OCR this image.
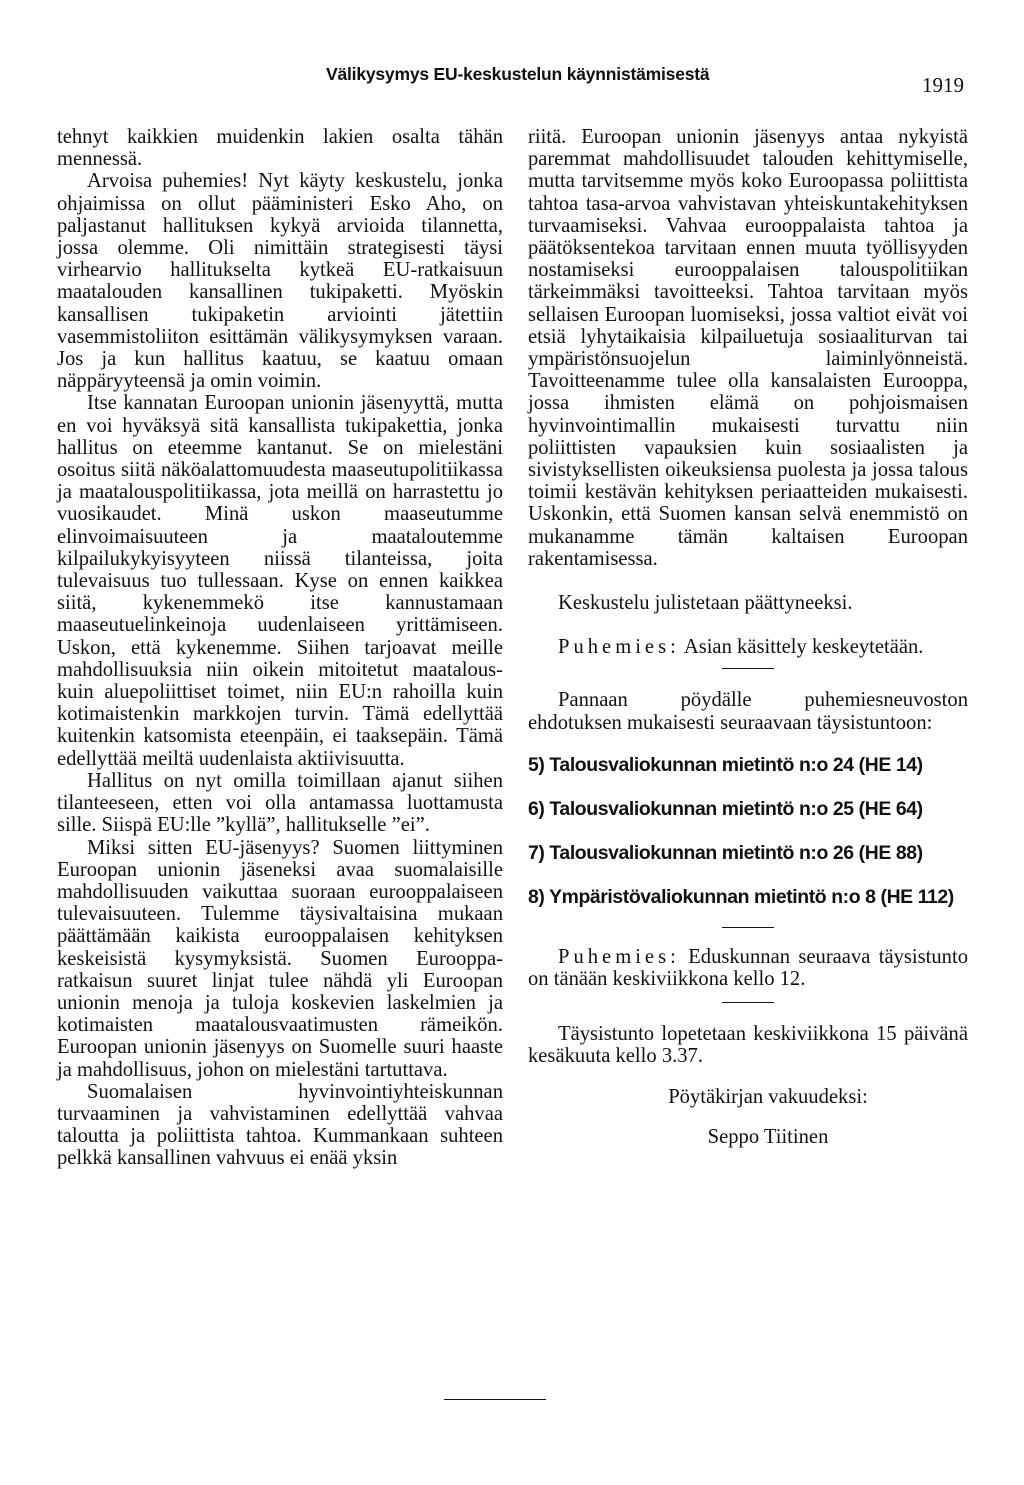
Välikysymys EU-keskustelun käynnistämisestä	1919

tehnyt kaikkien muidenkin lakien osalta tähän mennessä.

Arvoisa puhemies! Nyt käyty keskustelu, jonka ohjaimissa on ollut pääministeri Esko Aho, on paljastanut hallituksen kykyä arvioida tilannetta, jossa olemme. Oli nimittäin strategisesti täysi virhearvio hallitukselta kytkeä EU-ratkaisuun maatalouden kansallinen tukipaketti. Myöskin kansallisen tukipaketin arviointi jätettiin vasemmistoliiton esittämän välikysymyksen varaan. Jos ja kun hallitus kaatuu, se kaatuu omaan näppäryyteensä ja omin voimin.

Itse kannatan Euroopan unionin jäsenyyttä, mutta en voi hyväksyä sitä kansallista tukipakettia, jonka hallitus on eteemme kantanut. Se on mielestäni osoitus siitä näköalattomuudesta maaseutupolitiikassa ja maatalouspolitiikassa, jota meillä on harrastettu jo vuosikaudet. Minä uskon maaseutumme elinvoimaisuuteen ja maataloutemme kilpailukykyisyyteen niissä tilanteissa, joita tulevaisuus tuo tullessaan. Kyse on ennen kaikkea siitä, kykenemmekö itse kannustamaan maaseutuelinkeinoja uudenlaiseen yrittämiseen. Uskon, että kykenemme. Siihen tarjoavat meille mahdollisuuksia niin oikein mitoitetut maatalous- kuin aluepoliittiset toimet, niin EU:n rahoilla kuin kotimaistenkin markkojen turvin. Tämä edellyttää kuitenkin katsomista eteenpäin, ei taaksepäin. Tämä edellyttää meiltä uudenlaista aktiivisuutta.

Hallitus on nyt omilla toimillaan ajanut siihen tilanteeseen, etten voi olla antamassa luottamusta sille. Siispä EU:lle ”kyllä”, hallitukselle ”ei”.

Miksi sitten EU-jäsenyys? Suomen liittyminen Euroopan unionin jäseneksi avaa suomalaisille mahdollisuuden vaikuttaa suoraan eurooppalaiseen tulevaisuuteen. Tulemme täysivaltaisina mukaan päättämään kaikista eurooppalaisen kehityksen keskeisistä kysymyksistä. Suomen Eurooppa-ratkaisun suuret linjat tulee nähdä yli Euroopan unionin menoja ja tuloja koskevien laskelmien ja kotimaisten maatalousvaatimusten rämeikön. Euroopan unionin jäsenyys on Suomelle suuri haaste ja mahdollisuus, johon on mielestäni tartuttava.

Suomalaisen hyvinvointiyhteiskunnan turvaaminen ja vahvistaminen edellyttää vahvaa taloutta ja poliittista tahtoa. Kummankaan suhteen pelkkä kansallinen vahvuus ei enää yksin

riitä. Euroopan unionin jäsenyys antaa nykyistä paremmat mahdollisuudet talouden kehittymiselle, mutta tarvitsemme myös koko Euroopassa poliittista tahtoa tasa-arvoa vahvistavan yhteiskuntakehityksen turvaamiseksi. Vahvaa eurooppalaista tahtoa ja päätöksentekoa tarvitaan ennen muuta työllisyyden nostamiseksi eurooppalaisen talouspolitiikan tärkeimmäksi tavoitteeksi. Tahtoa tarvitaan myös sellaisen Euroopan luomiseksi, jossa valtiot eivät voi etsiä lyhytaikaisia kilpailuetuja sosiaaliturvan tai ympäristönsuojelun laiminlyönneistä. Tavoitteenamme tulee olla kansalaisten Eurooppa, jossa ihmisten elämä on pohjoismaisen hyvinvointimallin mukaisesti turvattu niin poliittisten vapauksien kuin sosiaalisten ja sivistyksellisten oikeuksiensa puolesta ja jossa talous toimii kestävän kehityksen periaatteiden mukaisesti. Uskonkin, että Suomen kansan selvä enemmistö on mukanamme tämän kaltaisen Euroopan rakentamisessa.

Keskustelu julistetaan päättyneeksi.

Puhemies: Asian käsittely keskeytetään.

Pannaan pöydälle puhemiesneuvoston ehdotuksen mukaisesti seuraavaan täysistuntoon:

5) Talousvaliokunnan mietintö n:o 24 (HE 14)

6) Talousvaliokunnan mietintö n:o 25 (HE 64)

7) Talousvaliokunnan mietintö n:o 26 (HE 88)

8) Ympäristövaliokunnan mietintö n:o 8 (HE 112)

Puhemies: Eduskunnan seuraava täysistunto on tänään keskiviikkona kello 12.

Täysistunto lopetetaan keskiviikkona 15 päivänä kesäkuuta kello 3.37.

Pöytäkirjan vakuudeksi:

Seppo Tiitinen
